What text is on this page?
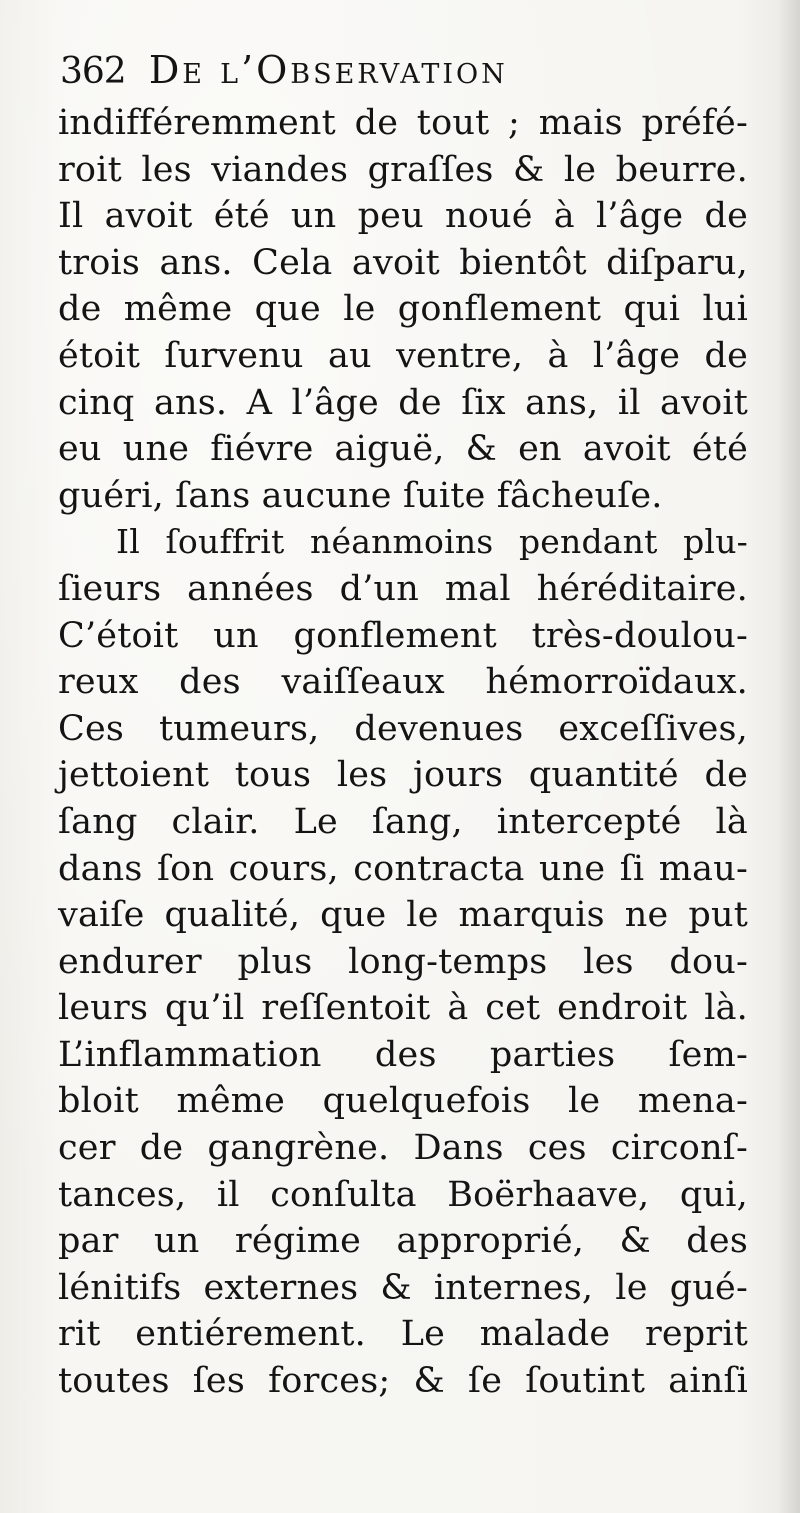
362 De l’Observation
indifféremment de tout ; mais préfé-
roit les viandes graſſes & le beurre.
Il avoit été un peu noué à l’âge de
trois ans. Cela avoit bientôt diſparu,
de même que le gonflement qui lui
étoit ſurvenu au ventre, à l’âge de
cinq ans. A l’âge de ſix ans, il avoit
eu une fiévre aiguë, & en avoit été
guéri, ſans aucune ſuite fâcheuſe.
Il ſouffrit néanmoins pendant plu-
ſieurs années d’un mal héréditaire.
C’étoit un gonflement très-doulou-
reux des vaiſſeaux hémorroïdaux.
Ces tumeurs, devenues exceſſives,
jettoient tous les jours quantité de
ſang clair. Le ſang, intercepté là
dans ſon cours, contracta une ſi mau-
vaiſe qualité, que le marquis ne put
endurer plus long-temps les dou-
leurs qu’il reſſentoit à cet endroit là.
L’inflammation des parties ſem-
bloit même quelquefois le mena-
cer de gangrène. Dans ces circonſ-
tances, il conſulta Boërhaave, qui,
par un régime approprié, & des
lénitifs externes & internes, le gué-
rit entiérement. Le malade reprit
toutes ſes forces; & ſe ſoutint ainſi
